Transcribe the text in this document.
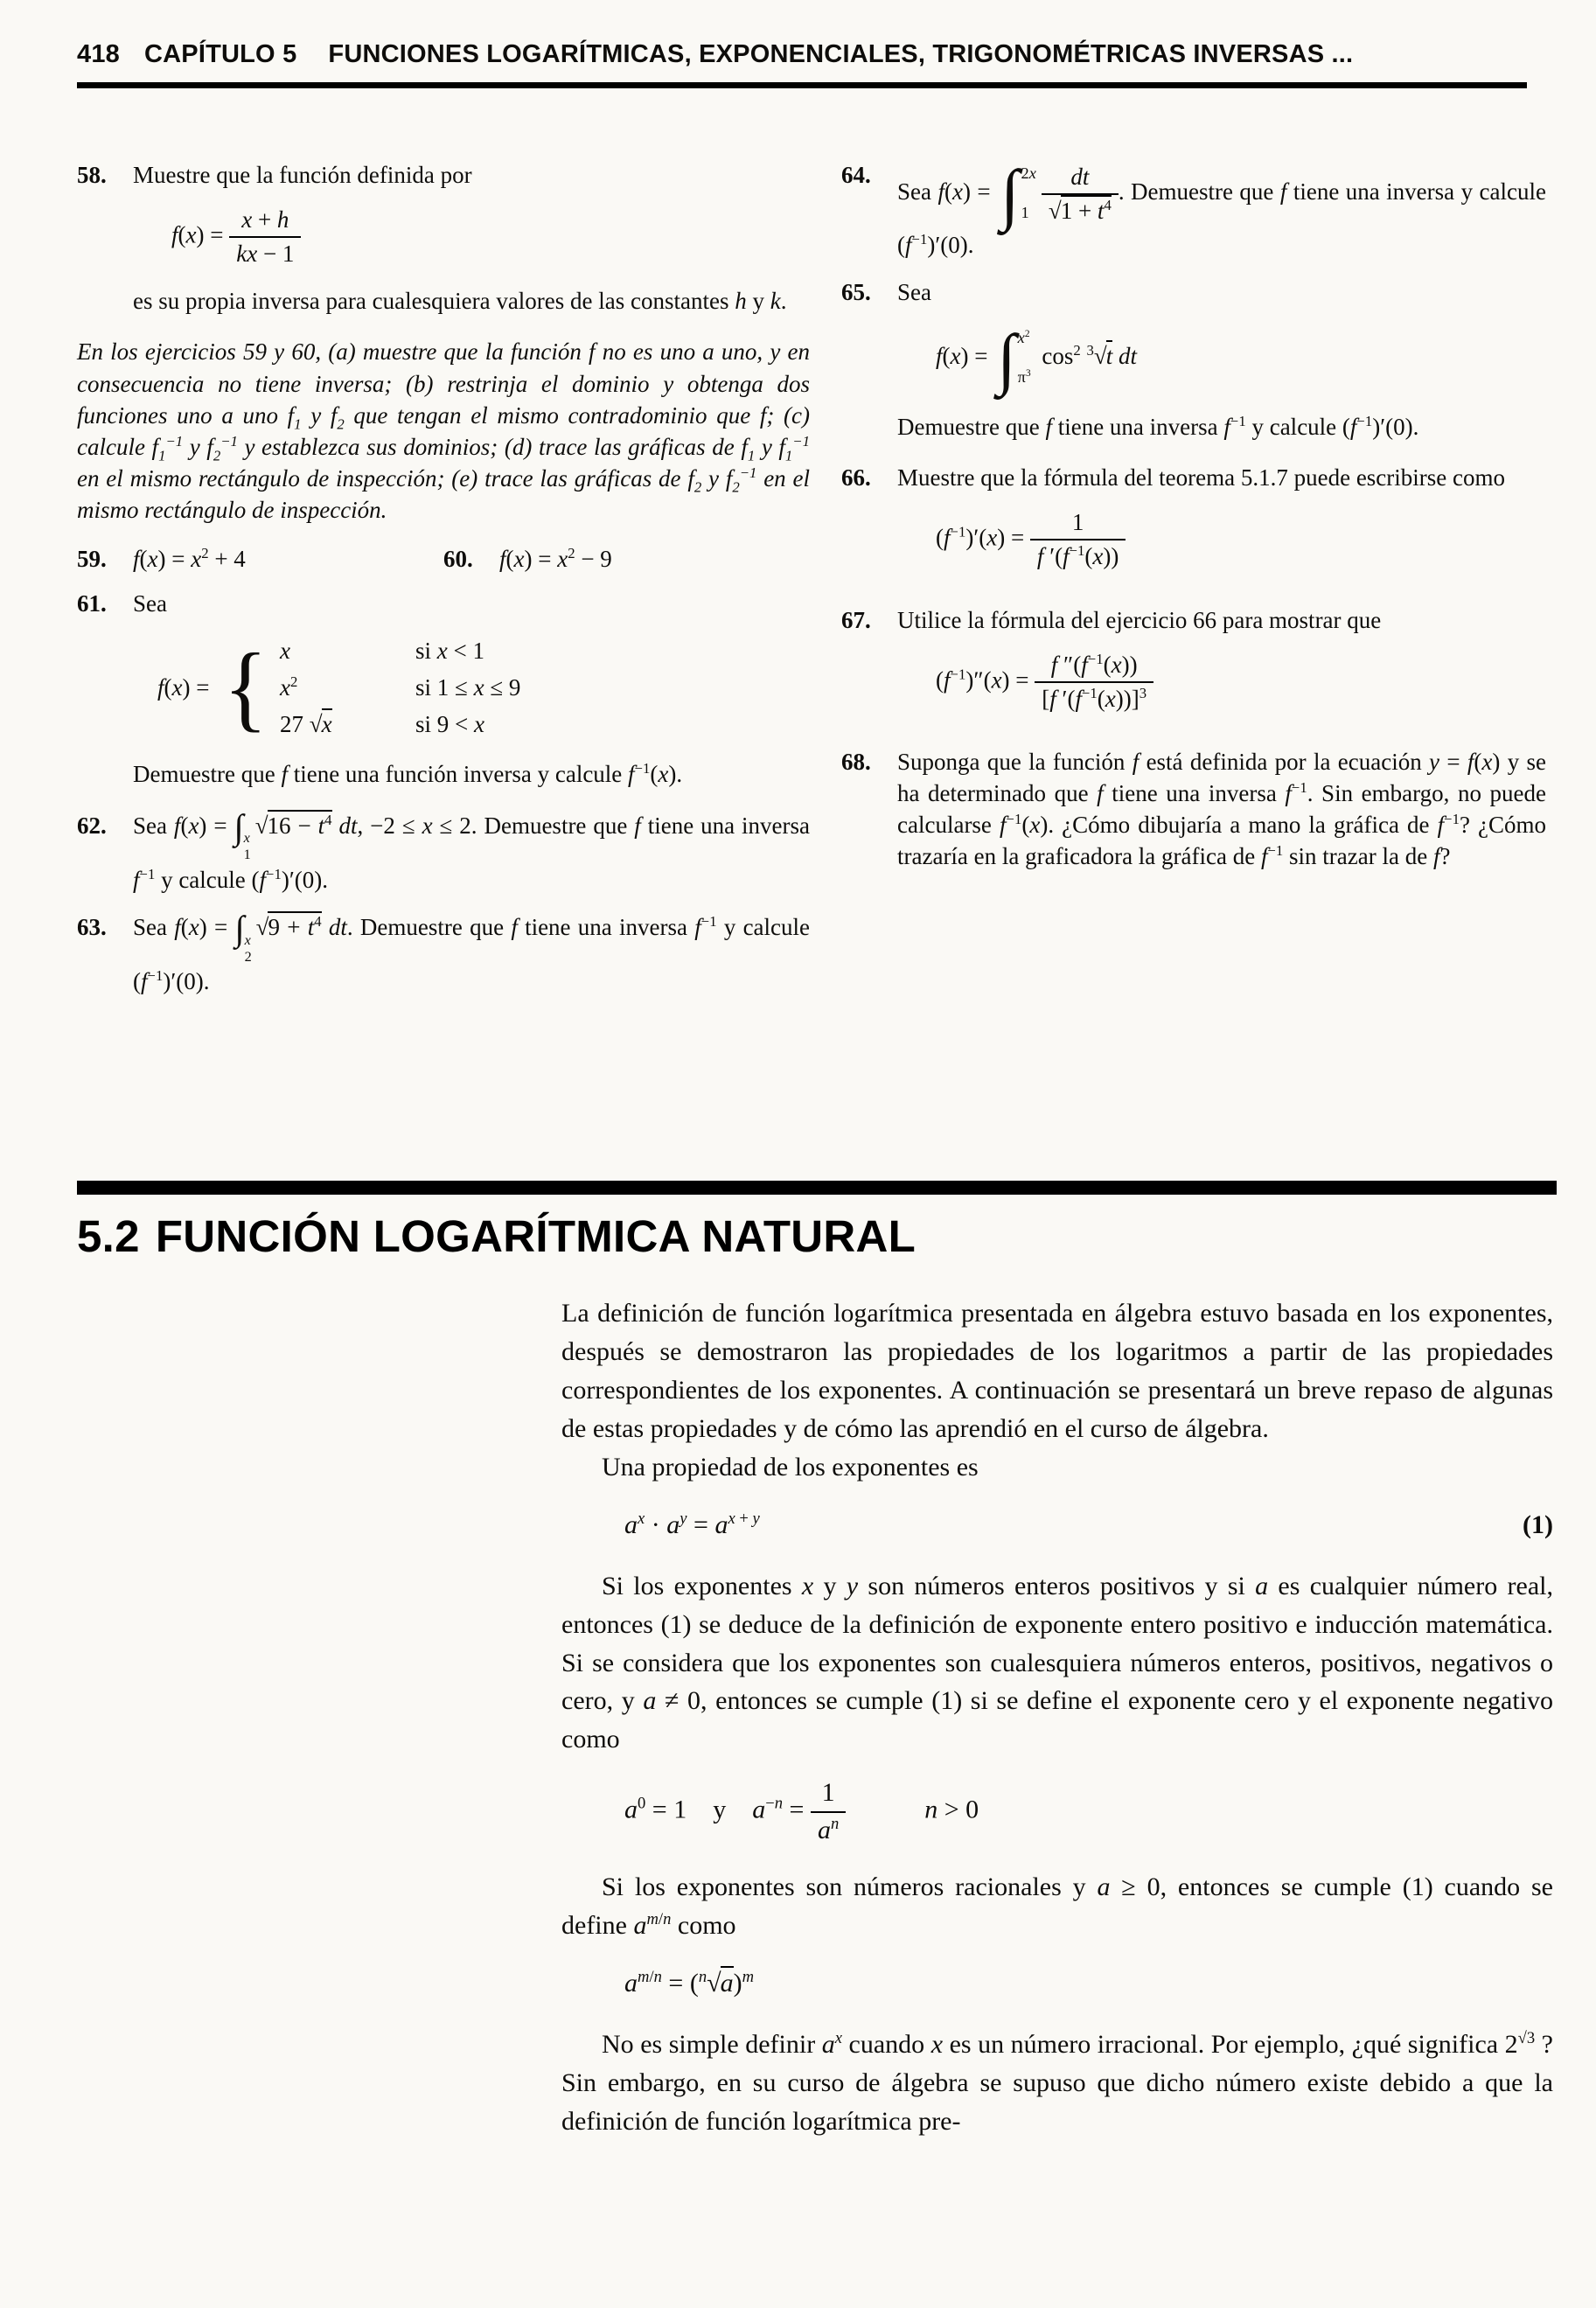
418 CAPÍTULO 5 FUNCIONES LOGARÍTMICAS, EXPONENCIALES, TRIGONOMÉTRICAS INVERSAS ...
58.	Muestre que la función definida por

$f(x) = \frac{x + h}{kx - 1}$

es su propia inversa para cualesquiera valores de las constantes h y k.

En los ejercicios 59 y 60, (a) muestre que la función f no es uno a uno, y en consecuencia no tiene inversa; (b) restrinja el dominio y obtenga dos funciones uno a uno $f_1$ y $f_2$ que tengan el mismo contradominio que f; (c) calcule $f_1^{-1}$ y $f_2^{-1}$ y establezca sus dominios; (d) trace las gráficas de $f_1$ y $f_1^{-1}$ en el mismo rectángulo de inspección; (e) trace las gráficas de $f_2$ y $f_2^{-1}$ en el mismo rectángulo de inspección.
59.	$f(x) = x^2 + 4$	60.	$f(x) = x^2 - 9$
61.	Sea

f(x) = { x	si x < 1
$x^2$	si 1 ≤ x ≤ 9
27 √x	si 9 < x

Demuestre que f tiene una función inversa y calcule $f^{-1}(x)$.

62.	Sea f(x) = ∫ x
1
$√16 - t^4$ dt, −2 ≤ x ≤ 2. Demuestre que f tiene una inversa $f^{-1}$ y calcule $(f^{-1})'(0)$.
63.	Sea f(x) = ∫ x
2
$√9 + t^4$ dt. Demuestre que f tiene una inversa $f^{-1}$ y calcule $(f^{-1})'(0)$.
64.
Sea f(x) = ∫ 2x
$1 \frac{dt}{√1 + t^4}$ . Demuestre que f tiene una inversa y calcule $(f^{-1})'(0)$.
65.	Sea

f(x) = ∫ $x^2$
$\pi^3$
$\cos^2 ^3√t$ dt

Demuestre que f tiene una inversa $f^{-1}$ y calcule $(f^{-1})'(0)$.

66.	Muestre que la fórmula del teorema 5.1.7 puede escribirse como

$(f^{-1})'(x) = \frac{1}{f '(f^{-1}(x))}$
67.	Utilice la fórmula del ejercicio 66 para mostrar que

$(f^{-1})''(x) = \frac{f ''(f^{-1}(x))}{[f '(f^{-1}(x))]^3}$
68.	Suponga que la función f está definida por la ecuación y = f(x) y se ha determinado que f tiene una inversa $f^{-1}$. Sin embargo, no puede calcularse $f^{-1}(x)$. ¿Cómo dibujaría a mano la gráfica de $f^{-1}$? ¿Cómo trazaría en la graficadora la gráfica de $f^{-1}$ sin trazar la de f?
5.2 FUNCIÓN LOGARÍTMICA NATURAL

La definición de función logarítmica presentada en álgebra estuvo basada en los exponentes, después se demostraron las propiedades de los logaritmos a partir de las propiedades correspondientes de los exponentes. A continuación se presentará un breve repaso de algunas de estas propiedades y de cómo las aprendió en el curso de álgebra.

Una propiedad de los exponentes es

$a^x \cdot a^y = a^{x + y}$	(1)

Si los exponentes x y y son números enteros positivos y si a es cualquier número real, entonces (1) se deduce de la definición de exponente entero positivo e inducción matemática. Si se considera que los exponentes son cualesquiera números enteros, positivos, negativos o cero, y a ≠ 0, entonces se cumple (1) si se define el exponente cero y el exponente negativo como

$a^0 = 1$ y $a^{-n} = \frac{1}{a^n}$
   	n > 0

Si los exponentes son números racionales y a ≥ 0, entonces se cumple (1) cuando se define $a^{m/n}$ como

$a^{m/n} = (^n√a)^m$

No es simple definir $a^x$ cuando x es un número irracional. Por ejemplo, ¿qué significa $2^{√3}$ ? Sin embargo, en su curso de álgebra se supuso que dicho número existe debido a que la definición de función logarítmica pre-
